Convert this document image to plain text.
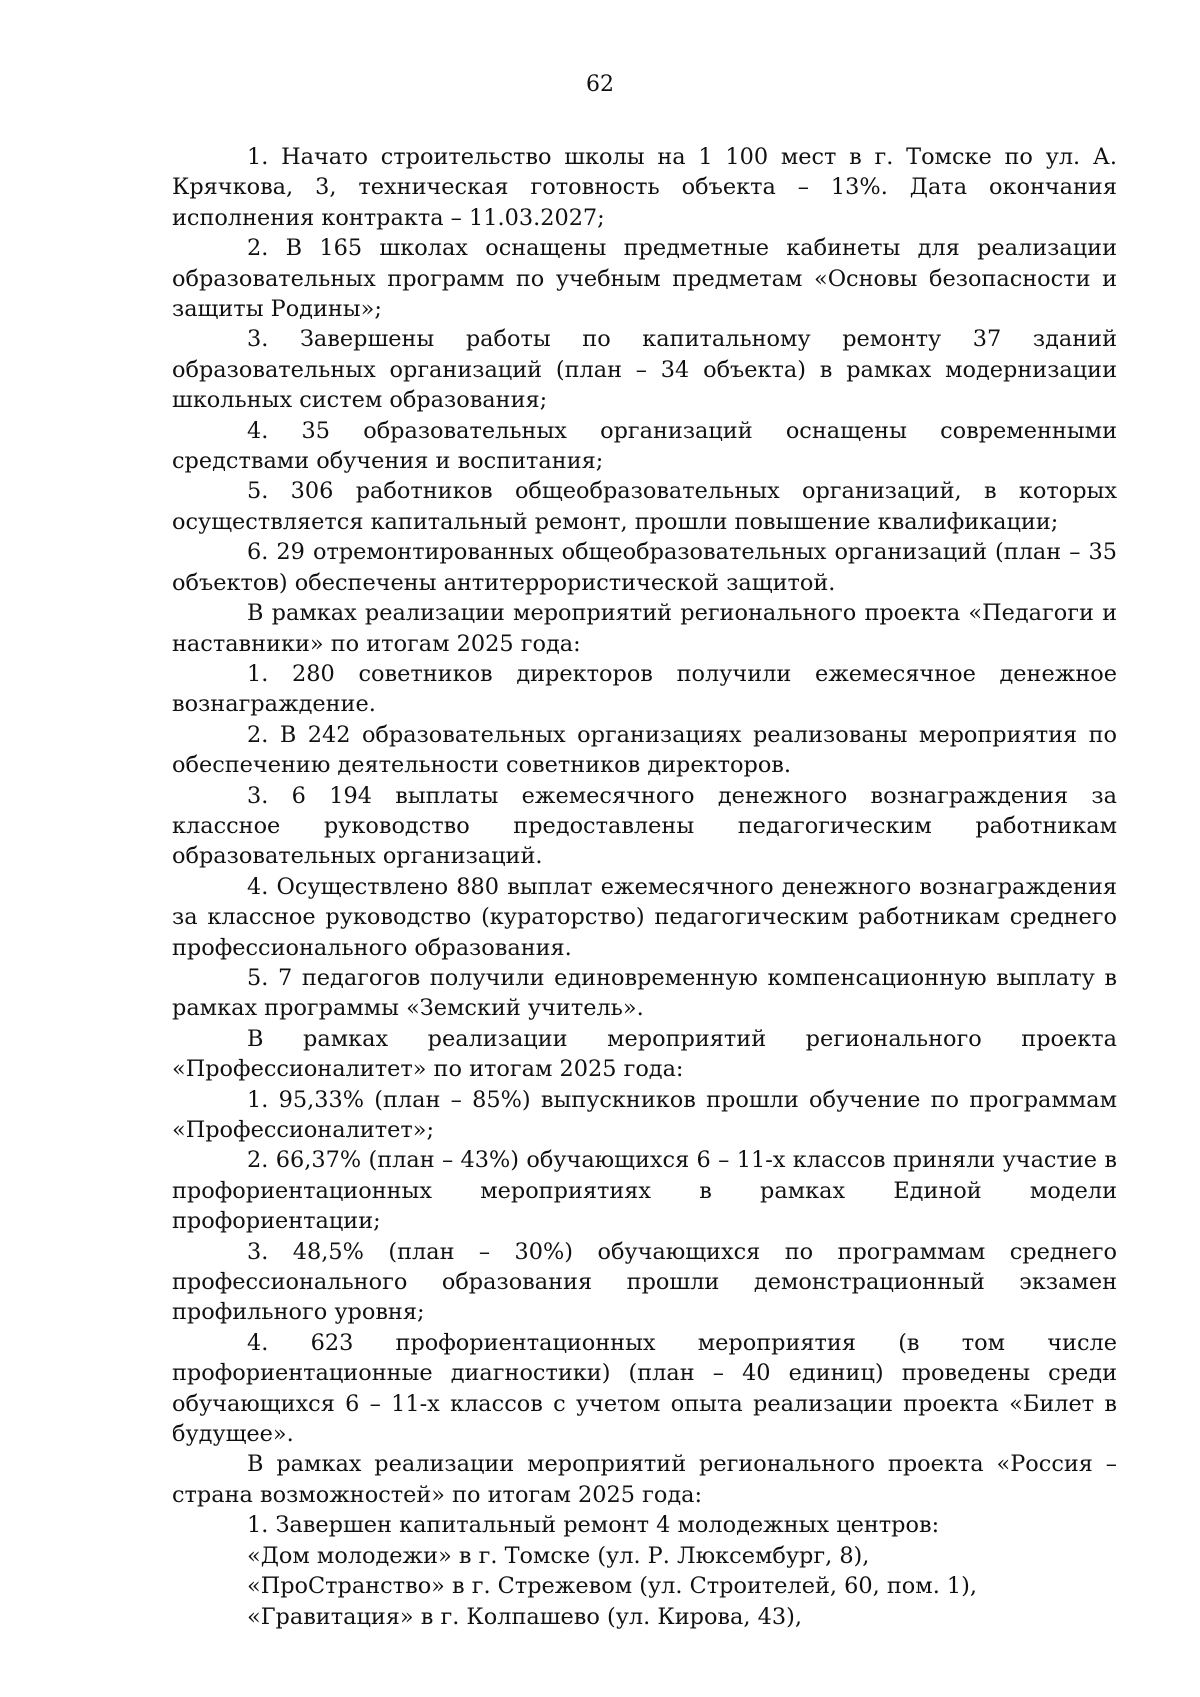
62

1. Начато строительство школы на 1 100 мест в г. Томске по ул. А. Крячкова, 3, техническая готовность объекта – 13%. Дата окончания исполнения контракта – 11.03.2027;

2. В 165 школах оснащены предметные кабинеты для реализации образовательных программ по учебным предметам «Основы безопасности и защиты Родины»;

3. Завершены работы по капитальному ремонту 37 зданий образовательных организаций (план – 34 объекта) в рамках модернизации школьных систем образования;

4. 35 образовательных организаций оснащены современными средствами обучения и воспитания;

5. 306 работников общеобразовательных организаций, в которых осуществляется капитальный ремонт, прошли повышение квалификации;

6. 29 отремонтированных общеобразовательных организаций (план – 35 объектов) обеспечены антитеррористической защитой.

В рамках реализации мероприятий регионального проекта «Педагоги и наставники» по итогам 2025 года:

1. 280 советников директоров получили ежемесячное денежное вознаграждение.

2. В 242 образовательных организациях реализованы мероприятия по обеспечению деятельности советников директоров.

3. 6 194 выплаты ежемесячного денежного вознаграждения за классное руководство предоставлены педагогическим работникам образовательных организаций.

4. Осуществлено 880 выплат ежемесячного денежного вознаграждения за классное руководство (кураторство) педагогическим работникам среднего профессионального образования.

5. 7 педагогов получили единовременную компенсационную выплату в рамках программы «Земский учитель».

В рамках реализации мероприятий регионального проекта «Профессионалитет» по итогам 2025 года:

1. 95,33% (план – 85%) выпускников прошли обучение по программам «Профессионалитет»;

2. 66,37% (план – 43%) обучающихся 6 – 11-х классов приняли участие в профориентационных мероприятиях в рамках Единой модели профориентации;

3. 48,5% (план – 30%) обучающихся по программам среднего профессионального образования прошли демонстрационный экзамен профильного уровня;

4. 623 профориентационных мероприятия (в том числе профориентационные диагностики) (план – 40 единиц) проведены среди обучающихся 6 – 11-х классов с учетом опыта реализации проекта «Билет в будущее».

В рамках реализации мероприятий регионального проекта «Россия – страна возможностей» по итогам 2025 года:

1. Завершен капитальный ремонт 4 молодежных центров:

«Дом молодежи» в г. Томске (ул. Р. Люксембург, 8),

«ПроСтранство» в г. Стрежевом (ул. Строителей, 60, пом. 1),

«Гравитация» в г. Колпашево (ул. Кирова, 43),
